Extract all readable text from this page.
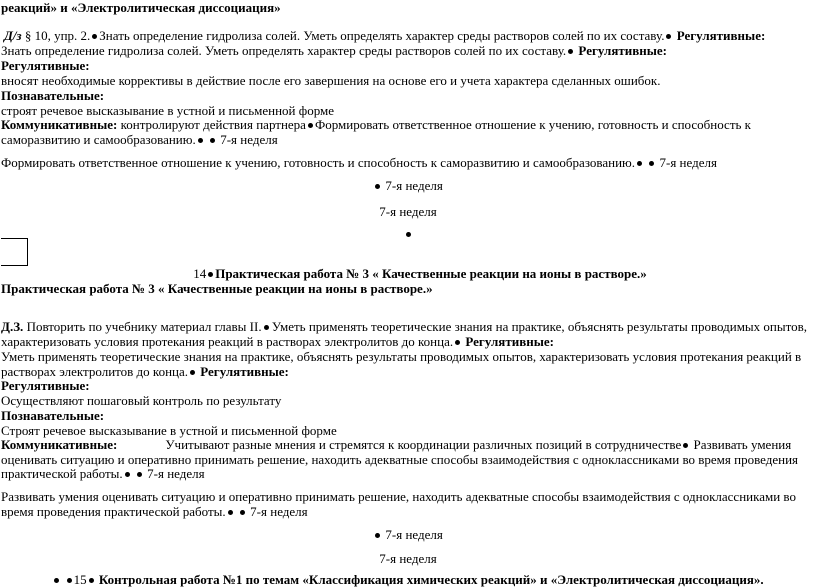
реакций» и «Электролитическая диссоциация»
Д/з § 10, упр. 2. Знать определение гидролиза солей. Уметь определять характер среды растворов солей по их составу. Регулятивные:
Знать определение гидролиза солей. Уметь определять характер среды растворов солей по их составу. Регулятивные:
Регулятивные:
вносят необходимые коррективы в действие после его завершения на основе его и учета характера сделанных ошибок.
Познавательные:
строят речевое высказывание в устной и письменной форме
Коммуникативные: контролируют действия партнера Формировать ответственное отношение к учению, готовность и способность к
саморазвитию и самообразованию. 7-я неделя
Формировать ответственное отношение к учению, готовность и способность к саморазвитию и самообразованию. 7-я неделя
7-я неделя
7-я неделя
14 Практическая работа № 3 « Качественные реакции на ионы в растворе.»
Практическая работа № 3 « Качественные реакции на ионы в растворе.»
Д.З. Повторить по учебнику материал главы II. Уметь применять теоретические знания на практике, объяснять результаты проводимых опытов,
характеризовать условия протекания реакций в растворах электролитов до конца. Регулятивные:
Уметь применять теоретические знания на практике, объяснять результаты проводимых опытов, характеризовать условия протекания реакций в
растворах электролитов до конца. Регулятивные:
Регулятивные:
Осуществляют пошаговый контроль по результату
Познавательные:
Строят речевое высказывание в устной и письменной форме
Коммуникативные:	Учитывают разные мнения и стремятся к координации различных позиций в сотрудничестве Развивать умения
оценивать ситуацию и оперативно принимать решение, находить адекватные способы взаимодействия с одноклассниками во время проведения
практической работы. 7-я неделя
Развивать умения оценивать ситуацию и оперативно принимать решение, находить адекватные способы взаимодействия с одноклассниками во
время проведения практической работы. 7-я неделя
7-я неделя
7-я неделя
15 Контрольная работа №1 по темам «Классификация химических реакций» и «Электролитическая диссоциация».
